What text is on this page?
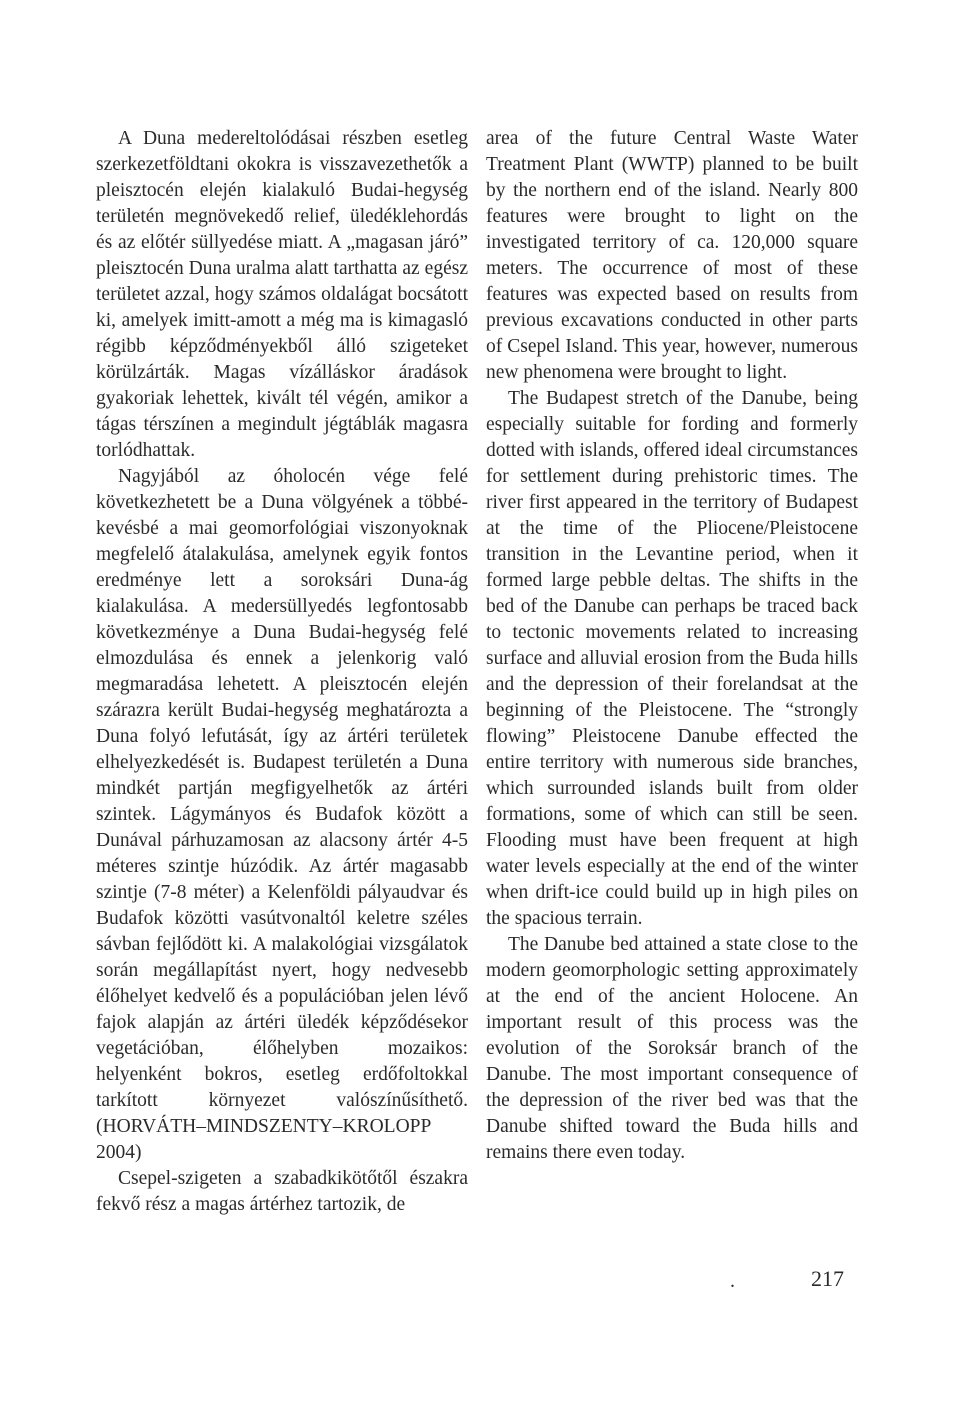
A Duna medereltolódásai részben esetleg szerkezetföldtani okokra is visszavezethetők a pleisztocén elején kialakuló Budai-hegység területén megnövekedő relief, üledéklehordás és az előtér süllyedése miatt. A „magasan járó” pleisztocén Duna uralma alatt tarthatta az egész területet azzal, hogy számos oldalágat bocsátott ki, amelyek imitt-amott a még ma is kimagasló régibb képződményekből álló szigeteket körülzárták. Magas vízálláskor áradások gyakoriak lehettek, kivált tél végén, amikor a tágas térszínen a megindult jégtáblák magasra torlódhattak.

Nagyjából az óholocén vége felé következhetett be a Duna völgyének a többé-kevésbé a mai geomorfológiai viszonyoknak megfelelő átalakulása, amelynek egyik fontos eredménye lett a soroksári Duna-ág kialakulása. A medersüllyedés legfontosabb következménye a Duna Budai-hegység felé elmozdulása és ennek a jelenkorig való megmaradása lehetett. A pleisztocén elején szárazra került Budai-hegység meghatározta a Duna folyó lefutását, így az ártéri területek elhelyezkedését is. Budapest területén a Duna mindkét partján megfigyelhetők az ártéri szintek. Lágymányos és Budafok között a Dunával párhuzamosan az alacsony ártér 4-5 méteres szintje húzódik. Az ártér magasabb szintje (7-8 méter) a Kelenföldi pályaudvar és Budafok közötti vasútvonaltól keletre széles sávban fejlődött ki. A malakológiai vizsgálatok során megállapítást nyert, hogy nedvesebb élőhelyet kedvelő és a populációban jelen lévő fajok alapján az ártéri üledék képződésekor vegetációban, élőhelyben mozaikos: helyenként bokros, esetleg erdőfoltokkal tarkított környezet valószínűsíthető. (HORVÁTH–MINDSZENTY–KROLOPP 2004)

Csepel-szigeten a szabadkikötőtől északra fekvő rész a magas ártérhez tartozik, de

area of the future Central Waste Water Treatment Plant (WWTP) planned to be built by the northern end of the island. Nearly 800 features were brought to light on the investigated territory of ca. 120,000 square meters. The occurrence of most of these features was expected based on results from previous excavations conducted in other parts of Csepel Island. This year, however, numerous new phenomena were brought to light.

The Budapest stretch of the Danube, being especially suitable for fording and formerly dotted with islands, offered ideal circumstances for settlement during prehistoric times. The river first appeared in the territory of Budapest at the time of the Pliocene/Pleistocene transition in the Levantine period, when it formed large pebble deltas. The shifts in the bed of the Danube can perhaps be traced back to tectonic movements related to increasing surface and alluvial erosion from the Buda hills and the depression of their forelandsat at the beginning of the Pleistocene. The “strongly flowing” Pleistocene Danube effected the entire territory with numerous side branches, which surrounded islands built from older formations, some of which can still be seen. Flooding must have been frequent at high water levels especially at the end of the winter when drift-ice could build up in high piles on the spacious terrain.

The Danube bed attained a state close to the modern geomorphologic setting approximately at the end of the ancient Holocene. An important result of this process was the evolution of the Soroksár branch of the Danube. The most important consequence of the depression of the river bed was that the Danube shifted toward the Buda hills and remains there even today.

.	217
